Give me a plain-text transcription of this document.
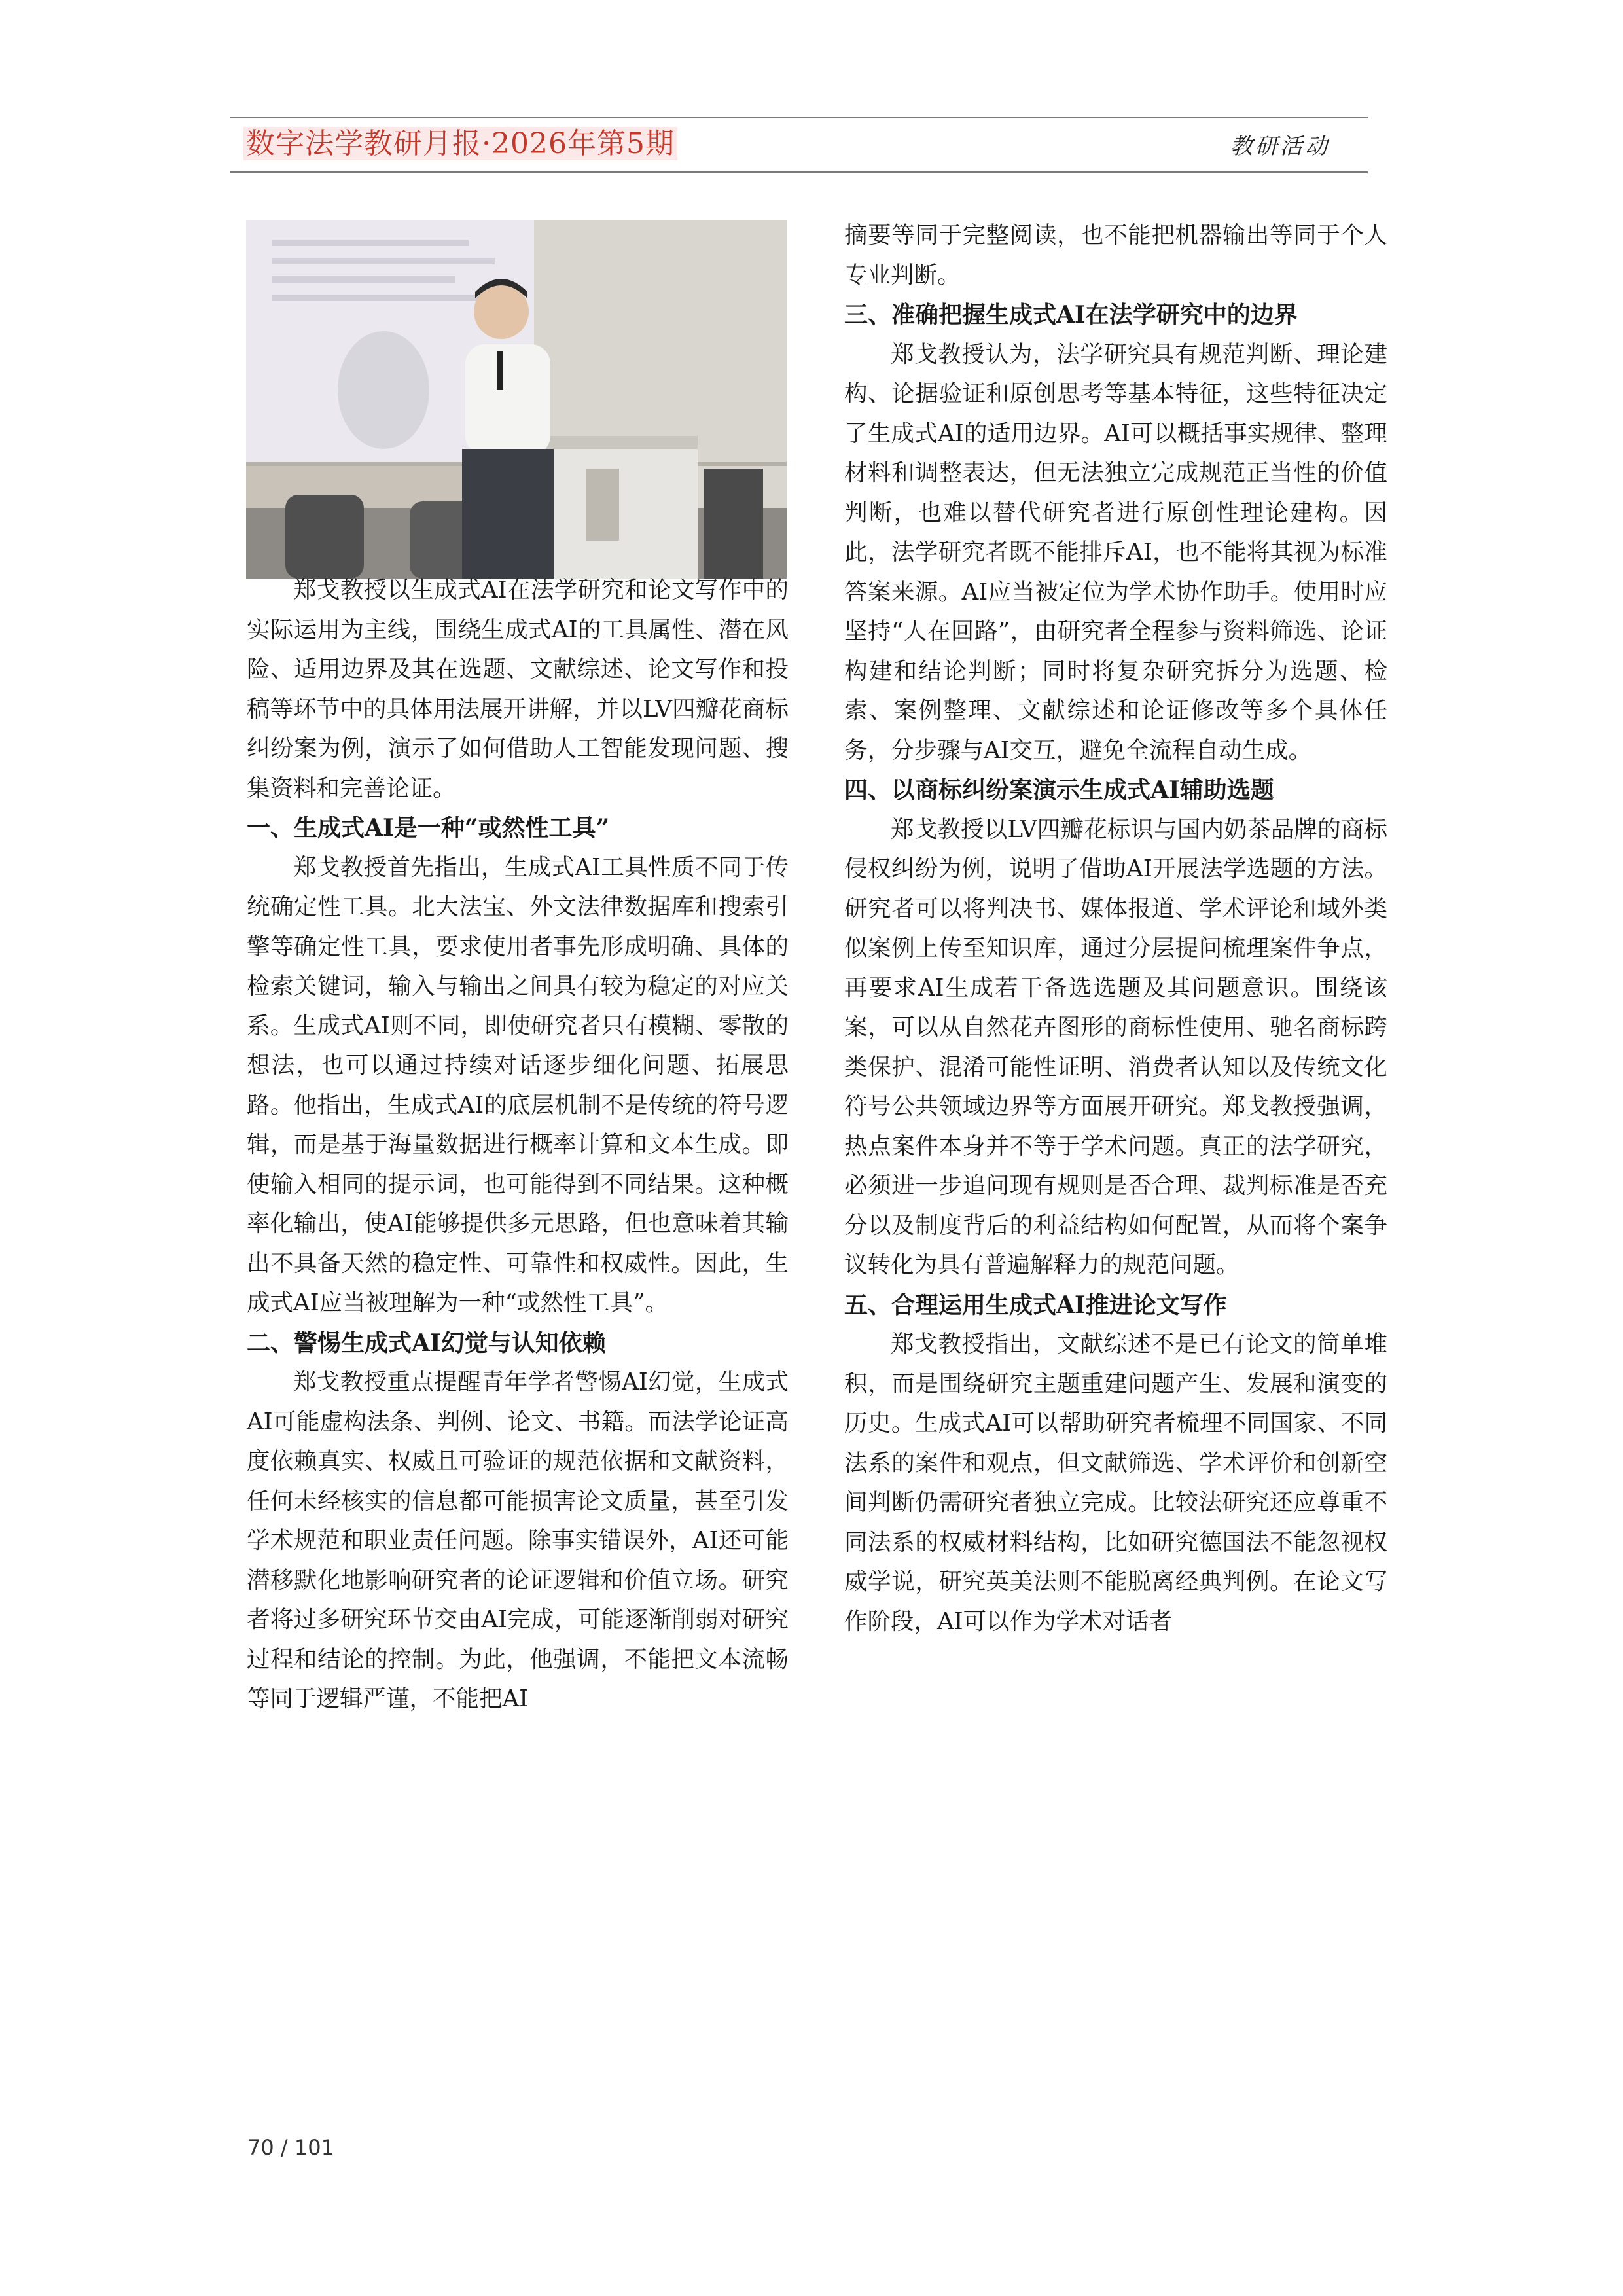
数字法学教研月报·2026年第5期	教研活动

郑戈教授以生成式AI在法学研究和论文写作中的实际运用为主线，围绕生成式AI的工具属性、潜在风险、适用边界及其在选题、文献综述、论文写作和投稿等环节中的具体用法展开讲解，并以LV四瓣花商标纠纷案为例，演示了如何借助人工智能发现问题、搜集资料和完善论证。

一、生成式AI是一种“或然性工具”

郑戈教授首先指出，生成式AI工具性质不同于传统确定性工具。北大法宝、外文法律数据库和搜索引擎等确定性工具，要求使用者事先形成明确、具体的检索关键词，输入与输出之间具有较为稳定的对应关系。生成式AI则不同，即使研究者只有模糊、零散的想法，也可以通过持续对话逐步细化问题、拓展思路。他指出，生成式AI的底层机制不是传统的符号逻辑，而是基于海量数据进行概率计算和文本生成。即使输入相同的提示词，也可能得到不同结果。这种概率化输出，使AI能够提供多元思路，但也意味着其输出不具备天然的稳定性、可靠性和权威性。因此，生成式AI应当被理解为一种“或然性工具”。

二、警惕生成式AI幻觉与认知依赖

郑戈教授重点提醒青年学者警惕AI幻觉，生成式AI可能虚构法条、判例、论文、书籍。而法学论证高度依赖真实、权威且可验证的规范依据和文献资料，任何未经核实的信息都可能损害论文质量，甚至引发学术规范和职业责任问题。除事实错误外，AI还可能潜移默化地影响研究者的论证逻辑和价值立场。研究者将过多研究环节交由AI完成，可能逐渐削弱对研究过程和结论的控制。为此，他强调，不能把文本流畅等同于逻辑严谨，不能把AI

摘要等同于完整阅读，也不能把机器输出等同于个人专业判断。

三、准确把握生成式AI在法学研究中的边界

郑戈教授认为，法学研究具有规范判断、理论建构、论据验证和原创思考等基本特征，这些特征决定了生成式AI的适用边界。AI可以概括事实规律、整理材料和调整表达，但无法独立完成规范正当性的价值判断，也难以替代研究者进行原创性理论建构。因此，法学研究者既不能排斥AI，也不能将其视为标准答案来源。AI应当被定位为学术协作助手。使用时应坚持“人在回路”，由研究者全程参与资料筛选、论证构建和结论判断；同时将复杂研究拆分为选题、检索、案例整理、文献综述和论证修改等多个具体任务，分步骤与AI交互，避免全流程自动生成。

四、以商标纠纷案演示生成式AI辅助选题

郑戈教授以LV四瓣花标识与国内奶茶品牌的商标侵权纠纷为例，说明了借助AI开展法学选题的方法。研究者可以将判决书、媒体报道、学术评论和域外类似案例上传至知识库，通过分层提问梳理案件争点，再要求AI生成若干备选选题及其问题意识。围绕该案，可以从自然花卉图形的商标性使用、驰名商标跨类保护、混淆可能性证明、消费者认知以及传统文化符号公共领域边界等方面展开研究。郑戈教授强调，热点案件本身并不等于学术问题。真正的法学研究，必须进一步追问现有规则是否合理、裁判标准是否充分以及制度背后的利益结构如何配置，从而将个案争议转化为具有普遍解释力的规范问题。

五、合理运用生成式AI推进论文写作

郑戈教授指出，文献综述不是已有论文的简单堆积，而是围绕研究主题重建问题产生、发展和演变的历史。生成式AI可以帮助研究者梳理不同国家、不同法系的案件和观点，但文献筛选、学术评价和创新空间判断仍需研究者独立完成。比较法研究还应尊重不同法系的权威材料结构，比如研究德国法不能忽视权威学说，研究英美法则不能脱离经典判例。在论文写作阶段，AI可以作为学术对话者

70 / 101
